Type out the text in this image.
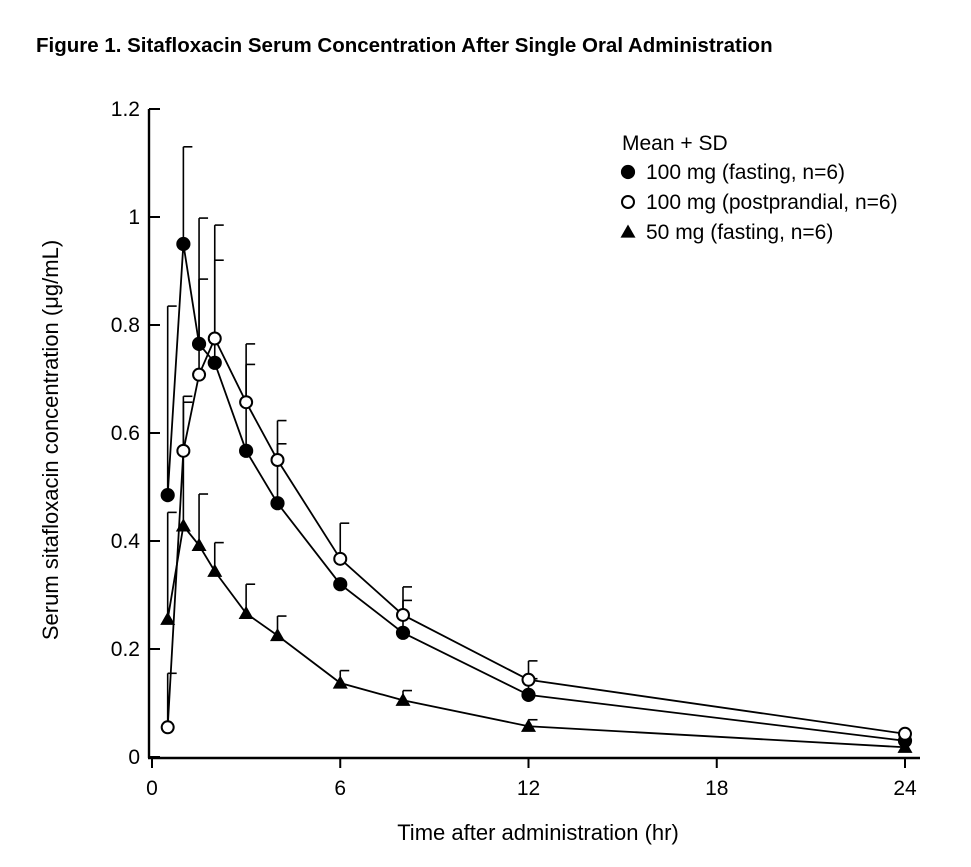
Figure 1. Sitafloxacin Serum Concentration After Single Oral Administration
0
0.2
0.4
0.6
0.8
1
1.2
0	6	12	18	24
100 mg (fasting, n=6)
100 mg (postprandial, n=6)
50 mg (fasting, n=6)
Time after administration (hr)
Serum sitafloxacin concentration (μg/mL)
Mean + SD
